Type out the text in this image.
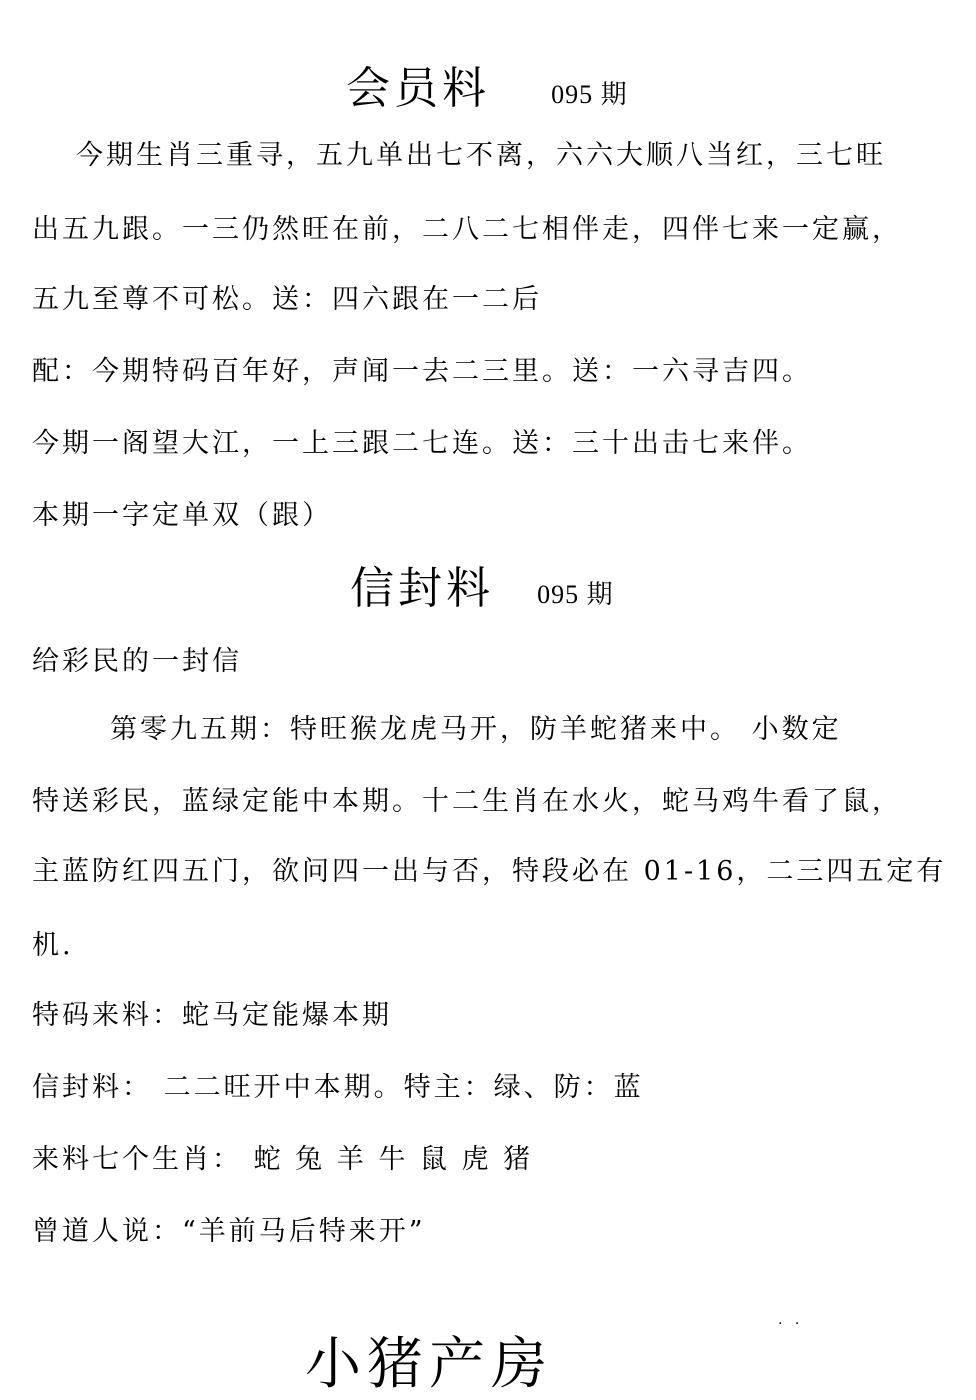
会员料 095 期
今期生肖三重寻，五九单出七不离，六六大顺八当红，三七旺
出五九跟。一三仍然旺在前，二八二七相伴走，四伴七来一定赢，
五九至尊不可松。送：四六跟在一二后
配：今期特码百年好，声闻一去二三里。送：一六寻吉四。
今期一阁望大江，一上三跟二七连。送：三十出击七来伴。
本期一字定单双（跟）
信封料 095 期
给彩民的一封信
第零九五期：特旺猴龙虎马开，防羊蛇猪来中。 小数定
特送彩民，蓝绿定能中本期。十二生肖在水火，蛇马鸡牛看了鼠，
主蓝防红四五门，欲问四一出与否，特段必在 01-16，二三四五定有
机.
特码来料：蛇马定能爆本期
信封料： 二二旺开中本期。特主：绿、防：蓝
来料七个生肖： 蛇 兔 羊 牛 鼠 虎 猪
曾道人说：“羊前马后特来开”
. .
小猪产房
